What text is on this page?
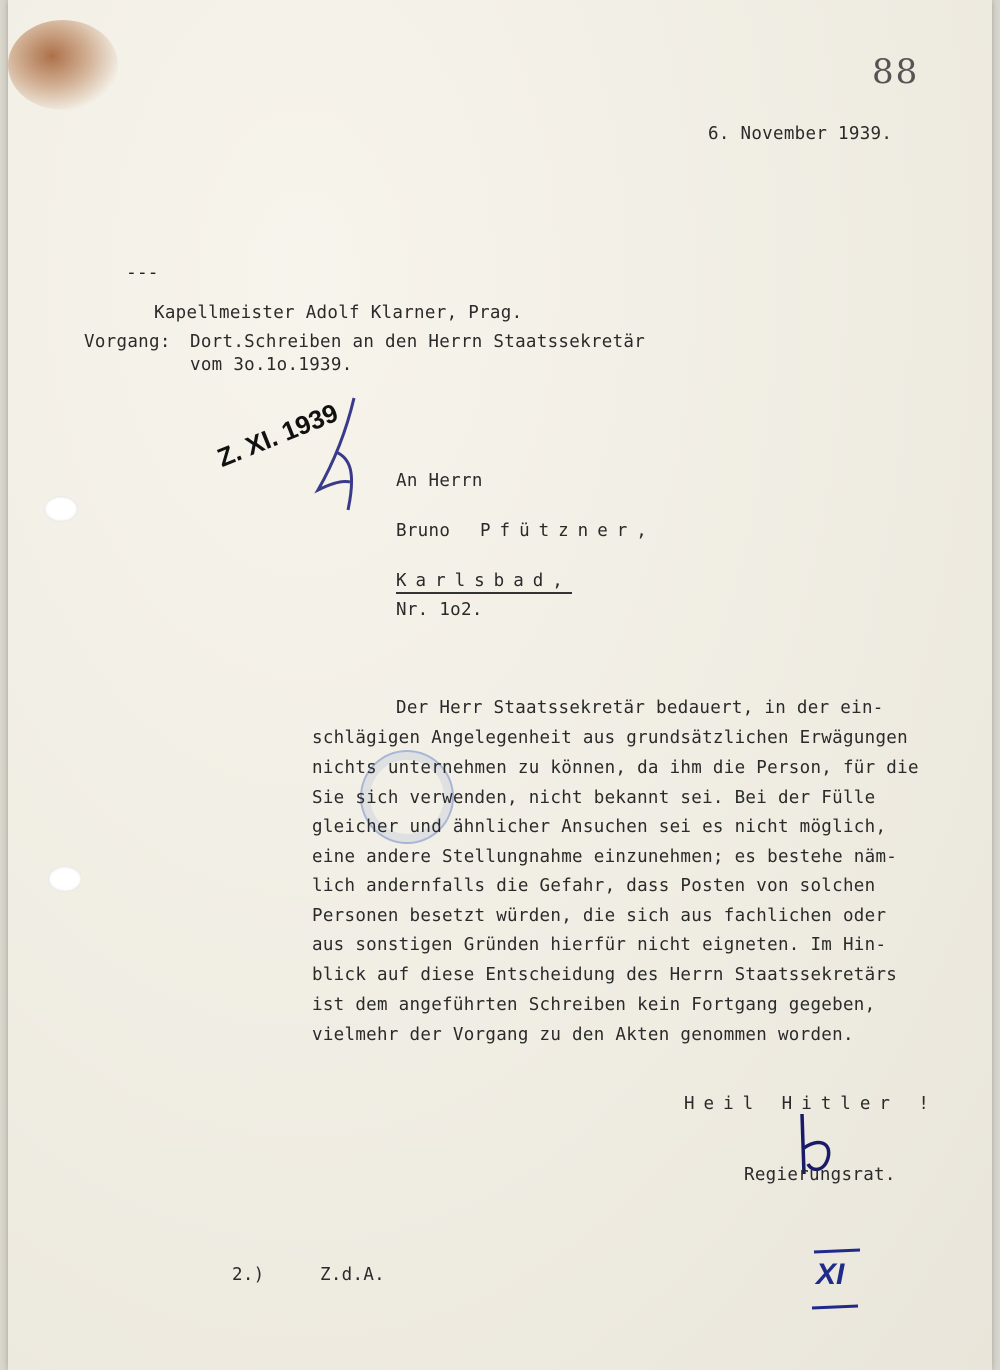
88
6. November 1939.
---
Kapellmeister Adolf Klarner, Prag.
Vorgang: Dort.Schreiben an den Herrn Staatssekretär
vom 3o.1o.1939.
Z. XI. 1939
An Herrn
Bruno Pfützner,
Karlsbad,
Nr. 1o2.
Der Herr Staatssekretär bedauert, in der ein-
schlägigen Angelegenheit aus grundsätzlichen Erwägungen
nichts unternehmen zu können, da ihm die Person, für die
Sie sich verwenden, nicht bekannt sei. Bei der Fülle
gleicher und ähnlicher Ansuchen sei es nicht möglich,
eine andere Stellungnahme einzunehmen; es bestehe näm-
lich andernfalls die Gefahr, dass Posten von solchen
Personen besetzt würden, die sich aus fachlichen oder
aus sonstigen Gründen hierfür nicht eigneten. Im Hin-
blick auf diese Entscheidung des Herrn Staatssekretärs
ist dem angeführten Schreiben kein Fortgang gegeben,
vielmehr der Vorgang zu den Akten genommen worden.
Heil Hitler !
Regierungsrat.
2.)	Z.d.A.	XI
